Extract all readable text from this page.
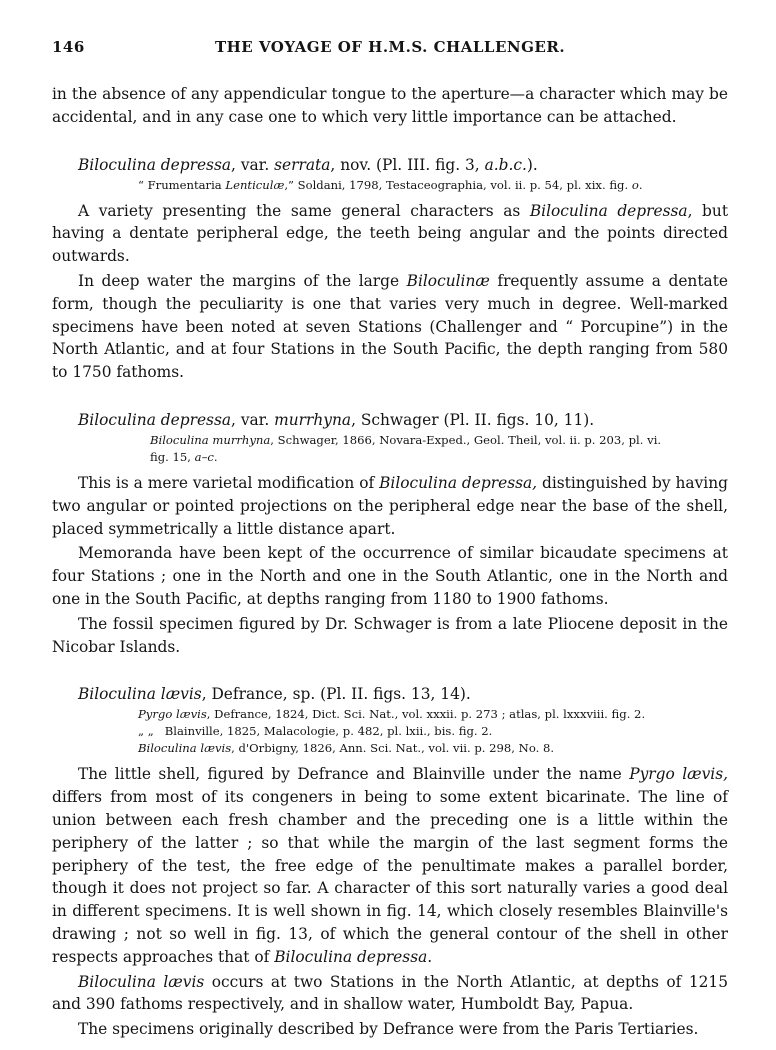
146	THE VOYAGE OF H.M.S. CHALLENGER.

in the absence of any appendicular tongue to the aperture—a character which may be accidental, and in any case one to which very little importance can be attached.

Biloculina depressa, var. serrata, nov. (Pl. III. fig. 3, a.b.c.).
“ Frumentaria Lenticulæ,” Soldani, 1798, Testaceographia, vol. ii. p. 54, pl. xix. fig. o.

A variety presenting the same general characters as Biloculina depressa, but having a dentate peripheral edge, the teeth being angular and the points directed outwards.

In deep water the margins of the large Biloculinæ frequently assume a dentate form, though the peculiarity is one that varies very much in degree. Well-marked specimens have been noted at seven Stations (Challenger and “ Porcupine”) in the North Atlantic, and at four Stations in the South Pacific, the depth ranging from 580 to 1750 fathoms.

Biloculina depressa, var. murrhyna, Schwager (Pl. II. figs. 10, 11).
Biloculina murrhyna, Schwager, 1866, Novara-Exped., Geol. Theil, vol. ii. p. 203, pl. vi.
fig. 15, a–c.

This is a mere varietal modification of Biloculina depressa, distinguished by having two angular or pointed projections on the peripheral edge near the base of the shell, placed symmetrically a little distance apart.

Memoranda have been kept of the occurrence of similar bicaudate specimens at four Stations ; one in the North and one in the South Atlantic, one in the North and one in the South Pacific, at depths ranging from 1180 to 1900 fathoms.

The fossil specimen figured by Dr. Schwager is from a late Pliocene deposit in the Nicobar Islands.

Biloculina lævis, Defrance, sp. (Pl. II. figs. 13, 14).
Pyrgo lævis, Defrance, 1824, Dict. Sci. Nat., vol. xxxii. p. 273 ; atlas, pl. lxxxviii. fig. 2.
„ „ Blainville, 1825, Malacologie, p. 482, pl. lxii., bis. fig. 2.
Biloculina lævis, d'Orbigny, 1826, Ann. Sci. Nat., vol. vii. p. 298, No. 8.

The little shell, figured by Defrance and Blainville under the name Pyrgo lævis, differs from most of its congeners in being to some extent bicarinate. The line of union between each fresh chamber and the preceding one is a little within the periphery of the latter ; so that while the margin of the last segment forms the periphery of the test, the free edge of the penultimate makes a parallel border, though it does not project so far. A character of this sort naturally varies a good deal in different specimens. It is well shown in fig. 14, which closely resembles Blainville's drawing ; not so well in fig. 13, of which the general contour of the shell in other respects approaches that of Biloculina depressa.

Biloculina lævis occurs at two Stations in the North Atlantic, at depths of 1215 and 390 fathoms respectively, and in shallow water, Humboldt Bay, Papua.

The specimens originally described by Defrance were from the Paris Tertiaries.
